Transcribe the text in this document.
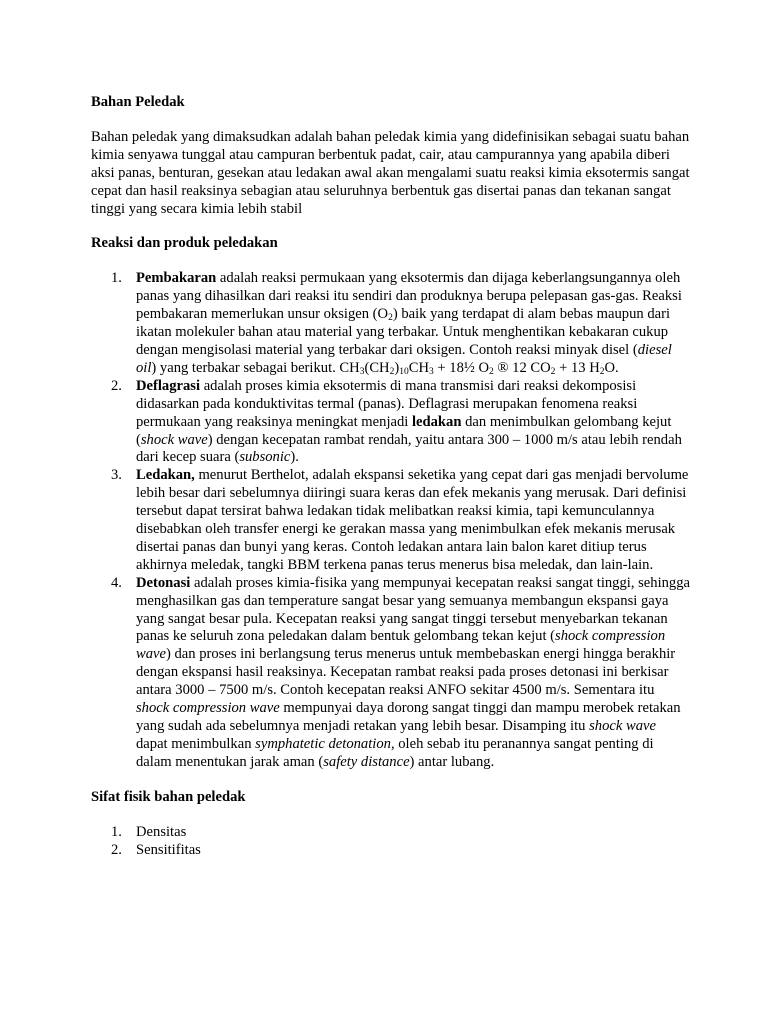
Bahan Peledak

Bahan peledak yang dimaksudkan adalah bahan peledak kimia yang didefinisikan sebagai suatu bahan kimia senyawa tunggal atau campuran berbentuk padat, cair, atau campurannya yang apabila diberi aksi panas, benturan, gesekan atau ledakan awal akan mengalami suatu reaksi kimia eksotermis sangat cepat dan hasil reaksinya sebagian atau seluruhnya berbentuk gas disertai panas dan tekanan sangat tinggi yang secara kimia lebih stabil

Reaksi dan produk peledakan
1. Pembakaran adalah reaksi permukaan yang eksotermis dan dijaga keberlangsungannya oleh panas yang dihasilkan dari reaksi itu sendiri dan produknya berupa pelepasan gas-gas. Reaksi pembakaran memerlukan unsur oksigen $(O_2)$ baik yang terdapat di alam bebas maupun dari ikatan molekuler bahan atau material yang terbakar. Untuk menghentikan kebakaran cukup dengan mengisolasi material yang terbakar dari oksigen. Contoh reaksi minyak disel (diesel oil) yang terbakar sebagai berikut. $CH_3(CH_2)_{10}CH_3$ + 18½ $O_2$ ® 12 $CO_2 + 13$ $H_2O$.
2. Deflagrasi adalah proses kimia eksotermis di mana transmisi dari reaksi dekomposisi didasarkan pada konduktivitas termal (panas). Deflagrasi merupakan fenomena reaksi permukaan yang reaksinya meningkat menjadi ledakan dan menimbulkan gelombang kejut (shock wave) dengan kecepatan rambat rendah, yaitu antara 300 – 1000 m/s atau lebih rendah dari kecep suara (subsonic).
3. Ledakan, menurut Berthelot, adalah ekspansi seketika yang cepat dari gas menjadi bervolume lebih besar dari sebelumnya diiringi suara keras dan efek mekanis yang merusak. Dari definisi tersebut dapat tersirat bahwa ledakan tidak melibatkan reaksi kimia, tapi kemunculannya disebabkan oleh transfer energi ke gerakan massa yang menimbulkan efek mekanis merusak disertai panas dan bunyi yang keras. Contoh ledakan antara lain balon karet ditiup terus akhirnya meledak, tangki BBM terkena panas terus menerus bisa meledak, dan lain-lain.
4. Detonasi adalah proses kimia-fisika yang mempunyai kecepatan reaksi sangat tinggi, sehingga menghasilkan gas dan temperature sangat besar yang semuanya membangun ekspansi gaya yang sangat besar pula. Kecepatan reaksi yang sangat tinggi tersebut menyebarkan tekanan panas ke seluruh zona peledakan dalam bentuk gelombang tekan kejut (shock compression wave) dan proses ini berlangsung terus menerus untuk membebaskan energi hingga berakhir dengan ekspansi hasil reaksinya. Kecepatan rambat reaksi pada proses detonasi ini berkisar antara 3000 – 7500 m/s. Contoh kecepatan reaksi ANFO sekitar 4500 m/s. Sementara itu shock compression wave mempunyai daya dorong sangat tinggi dan mampu merobek retakan yang sudah ada sebelumnya menjadi retakan yang lebih besar. Disamping itu shock wave dapat menimbulkan symphatetic detonation, oleh sebab itu peranannya sangat penting di dalam menentukan jarak aman (safety distance) antar lubang.
Sifat fisik bahan peledak
1. Densitas
2. Sensitifitas
